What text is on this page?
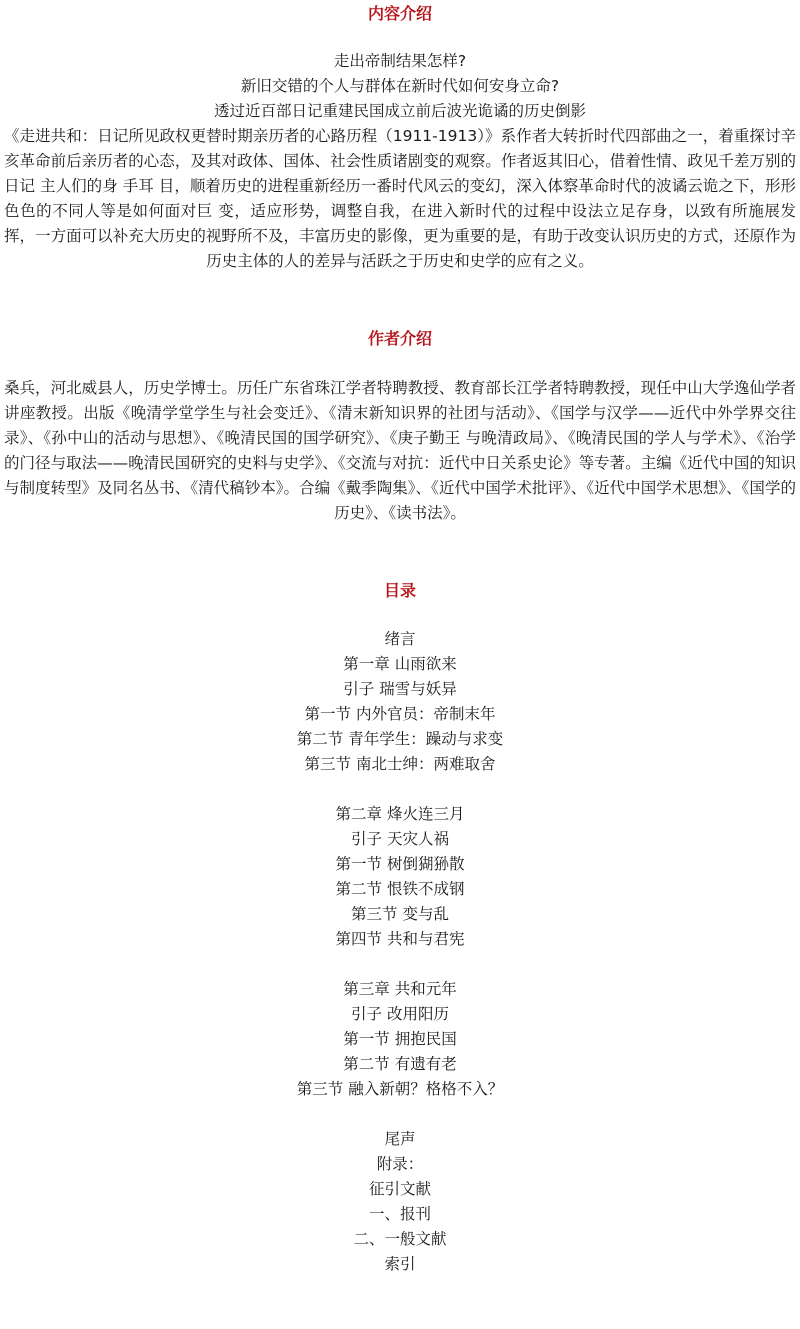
内容介绍
走出帝制结果怎样?
新旧交错的个人与群体在新时代如何安身立命?
透过近百部日记重建民国成立前后波光诡谲的历史倒影

《走进共和：日记所见政权更替时期亲历者的心路历程（1911-1913）》系作者大转折时代四部曲之一，着重探讨辛亥革命前后亲历者的心态，及其对政体、国体、社会性质诸剧变的观察。作者返其旧心，借着性情、政见千差万别的日记 主人们的身 手耳 目，顺着历史的进程重新经历一番时代风云的变幻，深入体察革命时代的波谲云诡之下，形形色色的不同人等是如何面对巨 变，适应形势，调整自我，在进入新时代的过程中设法立足存身，以致有所施展发挥，一方面可以补充大历史的视野所不及，丰富历史的影像，更为重要的是，有助于改变认识历史的方式，还原作为历史主体的人的差异与活跃之于历史和史学的应有之义。

作者介绍

桑兵，河北威县人，历史学博士。历任广东省珠江学者特聘教授、教育部长江学者特聘教授，现任中山大学逸仙学者讲座教授。出版《晚清学堂学生与社会变迁》、《清末新知识界的社团与活动》、《国学与汉学——近代中外学界交往录》、《孙中山的活动与思想》、《晚清民国的国学研究》、《庚子勤王 与晚清政局》、《晚清民国的学人与学术》、《治学的门径与取法——晚清民国研究的史料与史学》、《交流与对抗：近代中日关系史论》等专著。主编《近代中国的知识与制度转型》及同名丛书、《清代稿钞本》。合编《戴季陶集》、《近代中国学术批评》、《近代中国学术思想》、《国学的历史》、《读书法》。

目录
绪言
第一章 山雨欲来
引子 瑞雪与妖异
第一节 内外官员：帝制末年
第二节 青年学生：躁动与求变
第三节 南北士绅：两难取舍
第二章 烽火连三月
引子 天灾人祸
第一节 树倒猢狲散
第二节 恨铁不成钢
第三节 变与乱
第四节 共和与君宪
第三章 共和元年
引子 改用阳历
第一节 拥抱民国
第二节 有遗有老
第三节 融入新朝？格格不入？
尾声
附录：
征引文献
一、报刊
二、一般文献
索引
